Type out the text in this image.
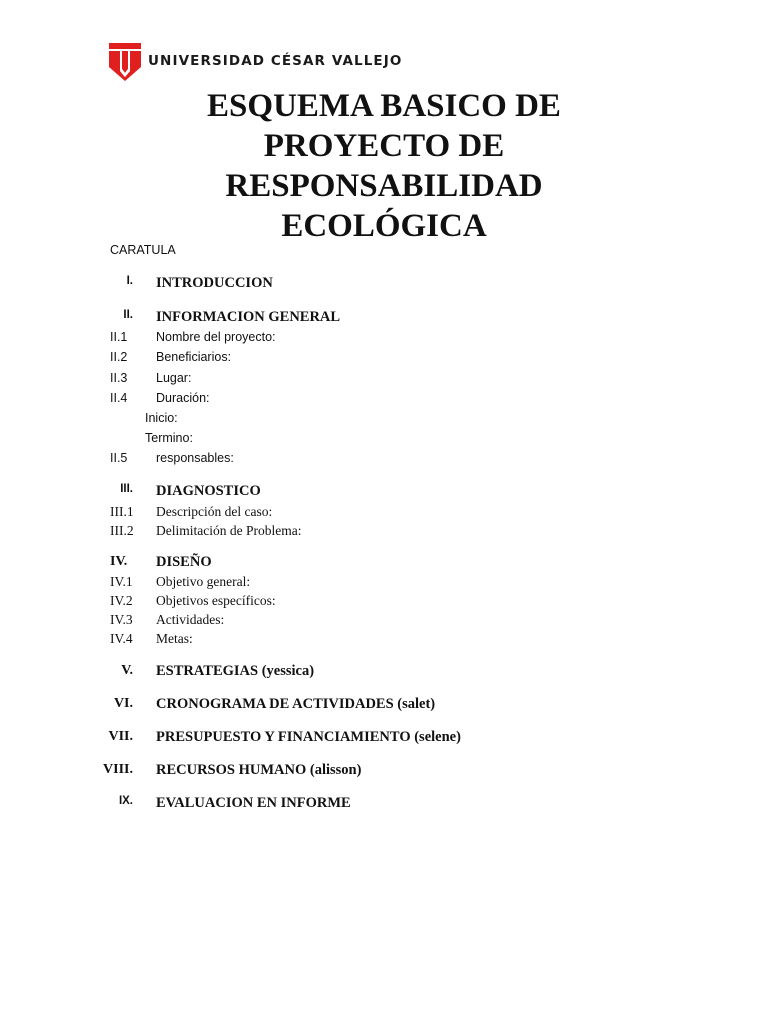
UNIVERSIDAD CÉSAR VALLEJO
ESQUEMA BASICO DE
PROYECTO DE
RESPONSABILIDAD
ECOLÓGICA
CARATULA
I. INTRODUCCION
II. INFORMACION GENERAL
II.1 Nombre del proyecto:
II.2 Beneficiarios:
II.3 Lugar:
II.4 Duración:
Inicio:
Termino:
II.5 responsables:
III. DIAGNOSTICO
III.1 Descripción del caso:
III.2 Delimitación de Problema:
IV. DISEÑO
IV.1 Objetivo general:
IV.2 Objetivos específicos:
IV.3 Actividades:
IV.4 Metas:
V. ESTRATEGIAS (yessica)
VI. CRONOGRAMA DE ACTIVIDADES (salet)
VII. PRESUPUESTO Y FINANCIAMIENTO (selene)
VIII. RECURSOS HUMANO (alisson)
IX. EVALUACION EN INFORME
